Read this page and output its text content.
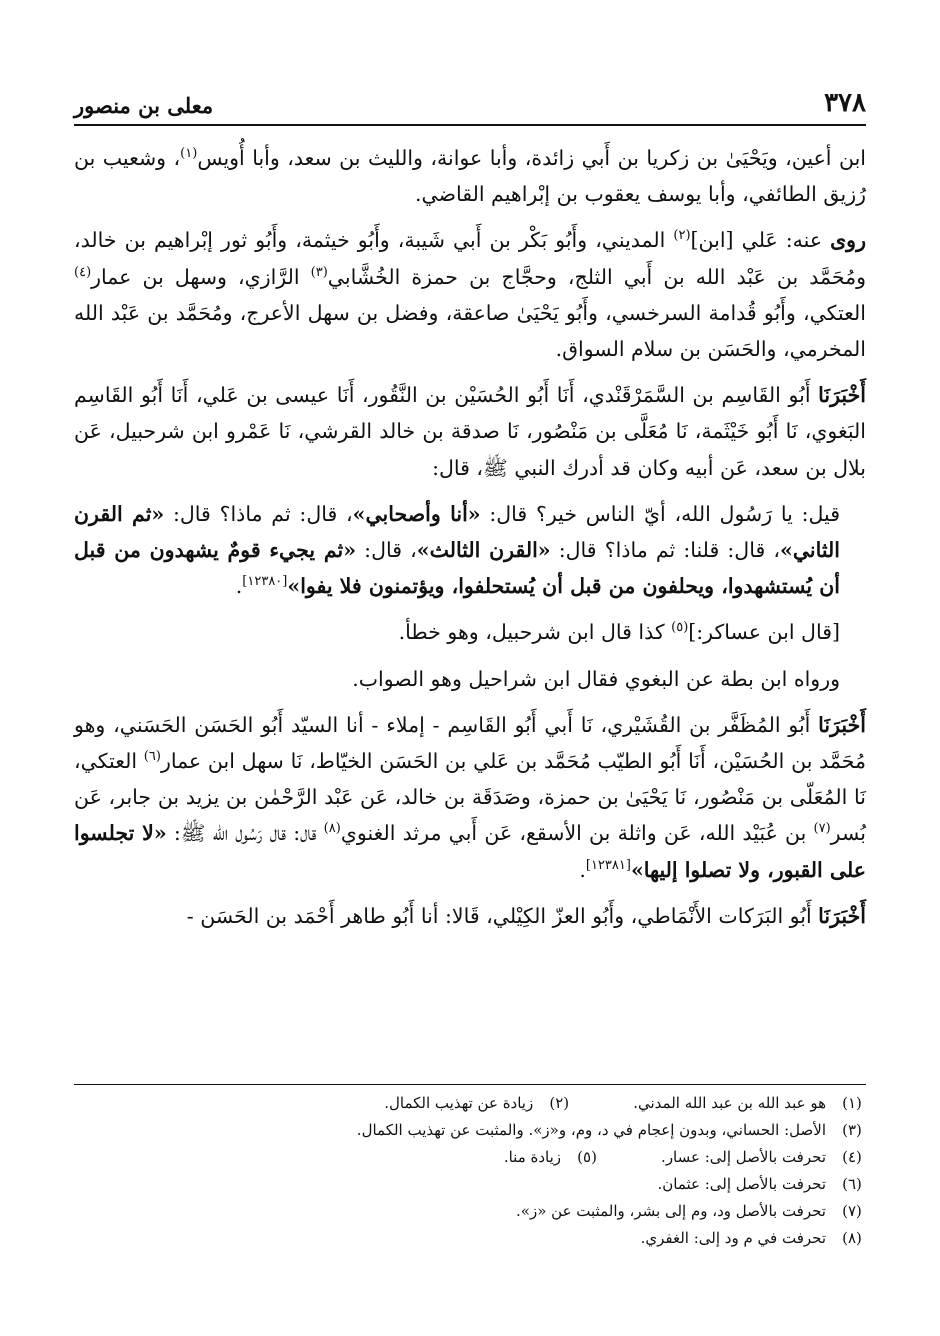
٣٧٨
معلى بن منصور

ابن أعين، ويَحْيَىٰ بن زكريا بن أَبي زائدة، وأبا عوانة، والليث بن سعد، وأبا أُويس$^{(١)}$، وشعيب بن رُزيق الطائفي، وأبا يوسف يعقوب بن إبْراهيم القاضي.

روى عنه: عَلي [ابن]$^{(٢)}$ المديني، وأَبُو بَكْر بن أَبي شَيبة، وأَبُو خيثمة، وأَبُو ثور إبْراهيم بن خالد، ومُحَمَّد بن عَبْد الله بن أَبي الثلج، وحجَّاج بن حمزة الخُشَّابي$^{(٣)}$ الرَّازي، وسهل بن عمار$^{(٤)}$ العتكي، وأَبُو قُدامة السرخسي، وأَبُو يَحْيَىٰ صاعقة، وفضل بن سهل الأعرج، ومُحَمَّد بن عَبْد الله المخرمي، والحَسَن بن سلام السواق.

أَخْبَرَنَا أَبُو القَاسِم بن السَّمَرْقَنْدي، أَنَا أَبُو الحُسَيْن بن النَّقُور، أَنَا عيسى بن عَلي، أَنَا أَبُو القَاسِم البَغوي، نَا أَبُو خَيْثَمة، نَا مُعَلَّى بن مَنْصُور، نَا صدقة بن خالد القرشي، نَا عَمْرو ابن شرحبيل، عَن بلال بن سعد، عَن أبيه وكان قد أدرك النبي ﷺ، قال:

قيل: يا رَسُول الله، أيّ الناس خير؟ قال: «أنا وأصحابي»، قال: ثم ماذا؟ قال: «ثم القرن الثاني»، قال: قلنا: ثم ماذا؟ قال: «القرن الثالث»، قال: «ثم يجيء قومٌ يشهدون من قبل أن يُستشهدوا، ويحلفون من قبل أن يُستحلفوا، ويؤتمنون فلا يفوا»[١٢٣٨٠].

[قال ابن عساكر:]$^{(٥)}$ كذا قال ابن شرحبيل، وهو خطأ.

ورواه ابن بطة عن البغوي فقال ابن شراحيل وهو الصواب.

أَخْبَرَنَا أَبُو المُظَفَّر بن القُشَيْري، نَا أَبي أَبُو القَاسِم - إملاء - أنا السيّد أَبُو الحَسَن الحَسَني، وهو مُحَمَّد بن الحُسَيْن، أَنَا أَبُو الطيّب مُحَمَّد بن عَلي بن الحَسَن الخيّاط، نَا سهل ابن عمار$^{(٦)}$ العتكي، نَا المُعَلّى بن مَنْصُور، نَا يَحْيَىٰ بن حمزة، وصَدَقَة بن خالد، عَن عَبْد الرَّحْمٰن بن يزيد بن جابر، عَن بُسر$^{(٧)}$ بن عُبَيْد الله، عَن واثلة بن الأسقع، عَن أَبي مرثد الغنوي$^{(٨)}$ قال: قال رَسُول الله ﷺ: «لا تجلسوا على القبور، ولا تصلوا إليها»[١٢٣٨١].

أَخْبَرَنَا أَبُو البَرَكات الأَنْمَاطي، وأَبُو العزّ الكِيْلي، قَالا: أنا أَبُو طاهر أَحْمَد بن الحَسَن -

(١)
هو عبد الله بن عبد الله المدني.
(٢)
زيادة عن تهذيب الكمال.
(٣)
الأصل: الحساني، وبدون إعجام في د، وم، و«ز». والمثبت عن تهذيب الكمال.
(٤)
تحرفت بالأصل إلى: عسار.
(٥)
زيادة منا.
(٦)
تحرفت بالأصل إلى: عثمان.
(٧)
تحرفت بالأصل ود، وم إلى بشر، والمثبت عن «ز».
(٨)
تحرفت في م ود إلى: الغفري.
